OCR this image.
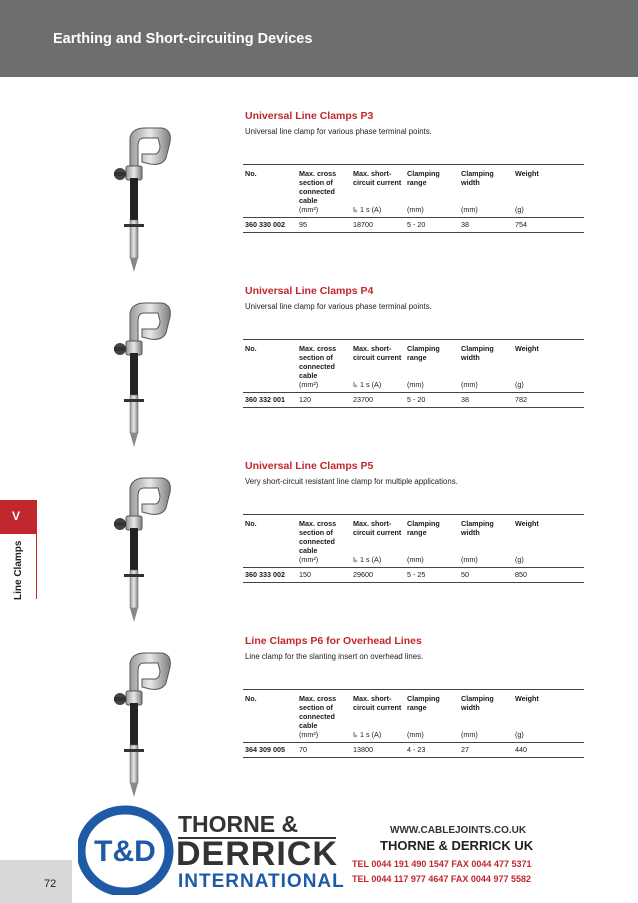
Earthing and Short-circuiting Devices
V
Line Clamps
Universal Line Clamps P3
Universal line clamp for various phase terminal points.
No.	Max. cross section of connected cable	Max. short-circuit current	Clamping range	Clamping width	Weight
	(mm²)	Iₖ 1 s (A)	(mm)	(mm)	(g)
360 330 002	95	18700	5 - 20	38	754
Universal Line Clamps P4
Universal line clamp for various phase terminal points.
No.	Max. cross section of connected cable	Max. short-circuit current	Clamping range	Clamping width	Weight
	(mm²)	Iₖ 1 s (A)	(mm)	(mm)	(g)
360 332 001	120	23700	5 - 20	38	782
Universal Line Clamps P5
Very short-circuit resistant line clamp for multiple applications.
No.	Max. cross section of connected cable	Max. short-circuit current	Clamping range	Clamping width	Weight
	(mm²)	Iₖ 1 s (A)	(mm)	(mm)	(g)
360 333 002	150	29600	5 - 25	50	850
Line Clamps P6 for Overhead Lines
Line clamp for the slanting insert on overhead lines.
No.	Max. cross section of connected cable	Max. short-circuit current	Clamping range	Clamping width	Weight
	(mm²)	Iₖ 1 s (A)	(mm)	(mm)	(g)
364 309 005	70	13800	4 - 23	27	440
72
T&D
THORNE &
DERRICK
INTERNATIONAL
WWW.CABLEJOINTS.CO.UK
THORNE & DERRICK UK
TEL 0044 191 490 1547 FAX 0044 477 5371
TEL 0044 117 977 4647 FAX 0044 977 5582
